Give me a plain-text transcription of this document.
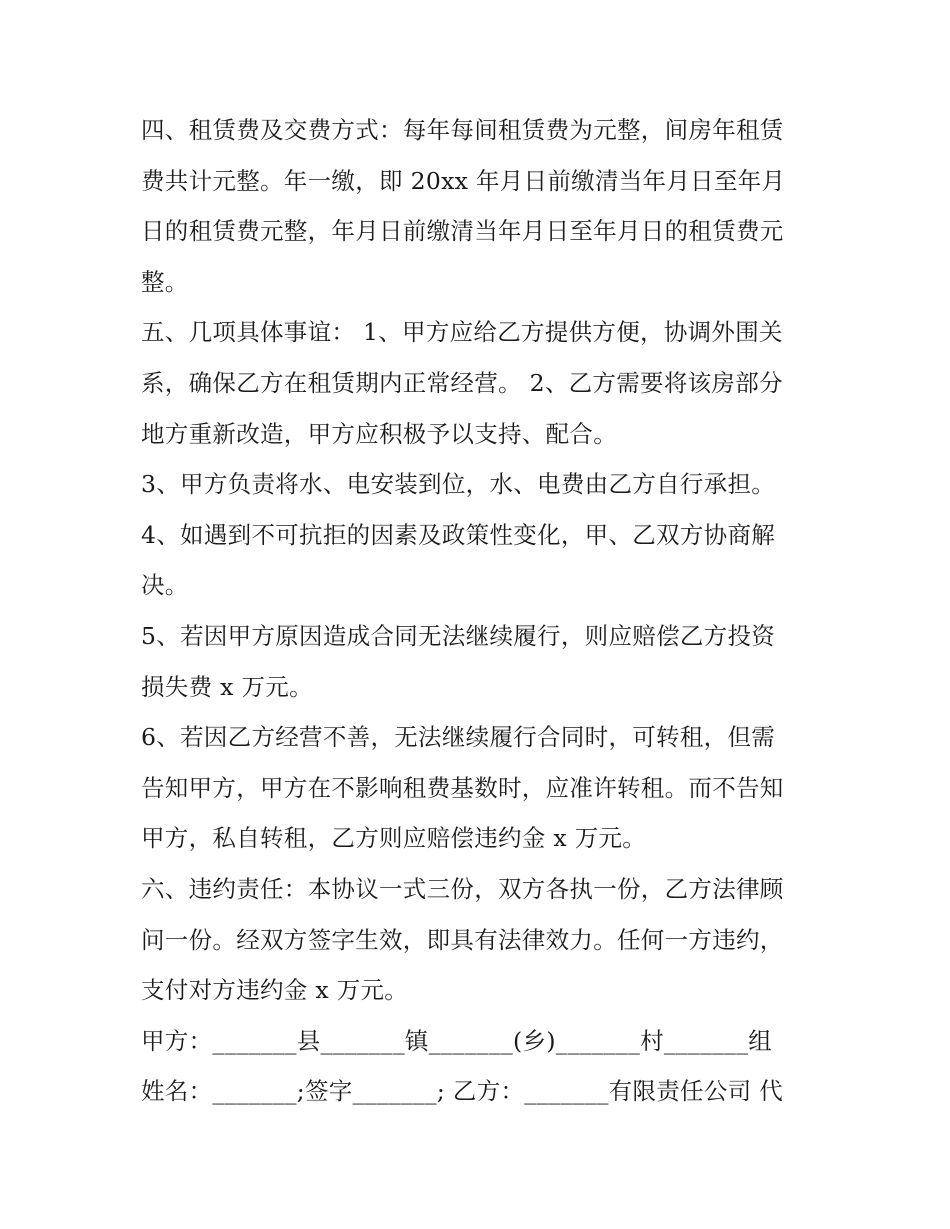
四、租赁费及交费方式：每年每间租赁费为元整，间房年租赁
费共计元整。年一缴，即 20xx 年月日前缴清当年月日至年月
日的租赁费元整，年月日前缴清当年月日至年月日的租赁费元
整。
五、几项具体事谊： 1、甲方应给乙方提供方便，协调外围关
系，确保乙方在租赁期内正常经营。 2、乙方需要将该房部分
地方重新改造，甲方应积极予以支持、配合。
3、甲方负责将水、电安装到位，水、电费由乙方自行承担。
4、如遇到不可抗拒的因素及政策性变化，甲、乙双方协商解
决。
5、若因甲方原因造成合同无法继续履行，则应赔偿乙方投资
损失费 x 万元。
6、若因乙方经营不善，无法继续履行合同时，可转租，但需
告知甲方，甲方在不影响租费基数时，应准许转租。而不告知
甲方，私自转租，乙方则应赔偿违约金 x 万元。
六、违约责任：本协议一式三份，双方各执一份，乙方法律顾
问一份。经双方签字生效，即具有法律效力。任何一方违约，
支付对方违约金 x 万元。
甲方：_______县_______镇_______(乡)_______村_______组
姓名：_______;签字_______; 乙方：_______有限责任公司 代
